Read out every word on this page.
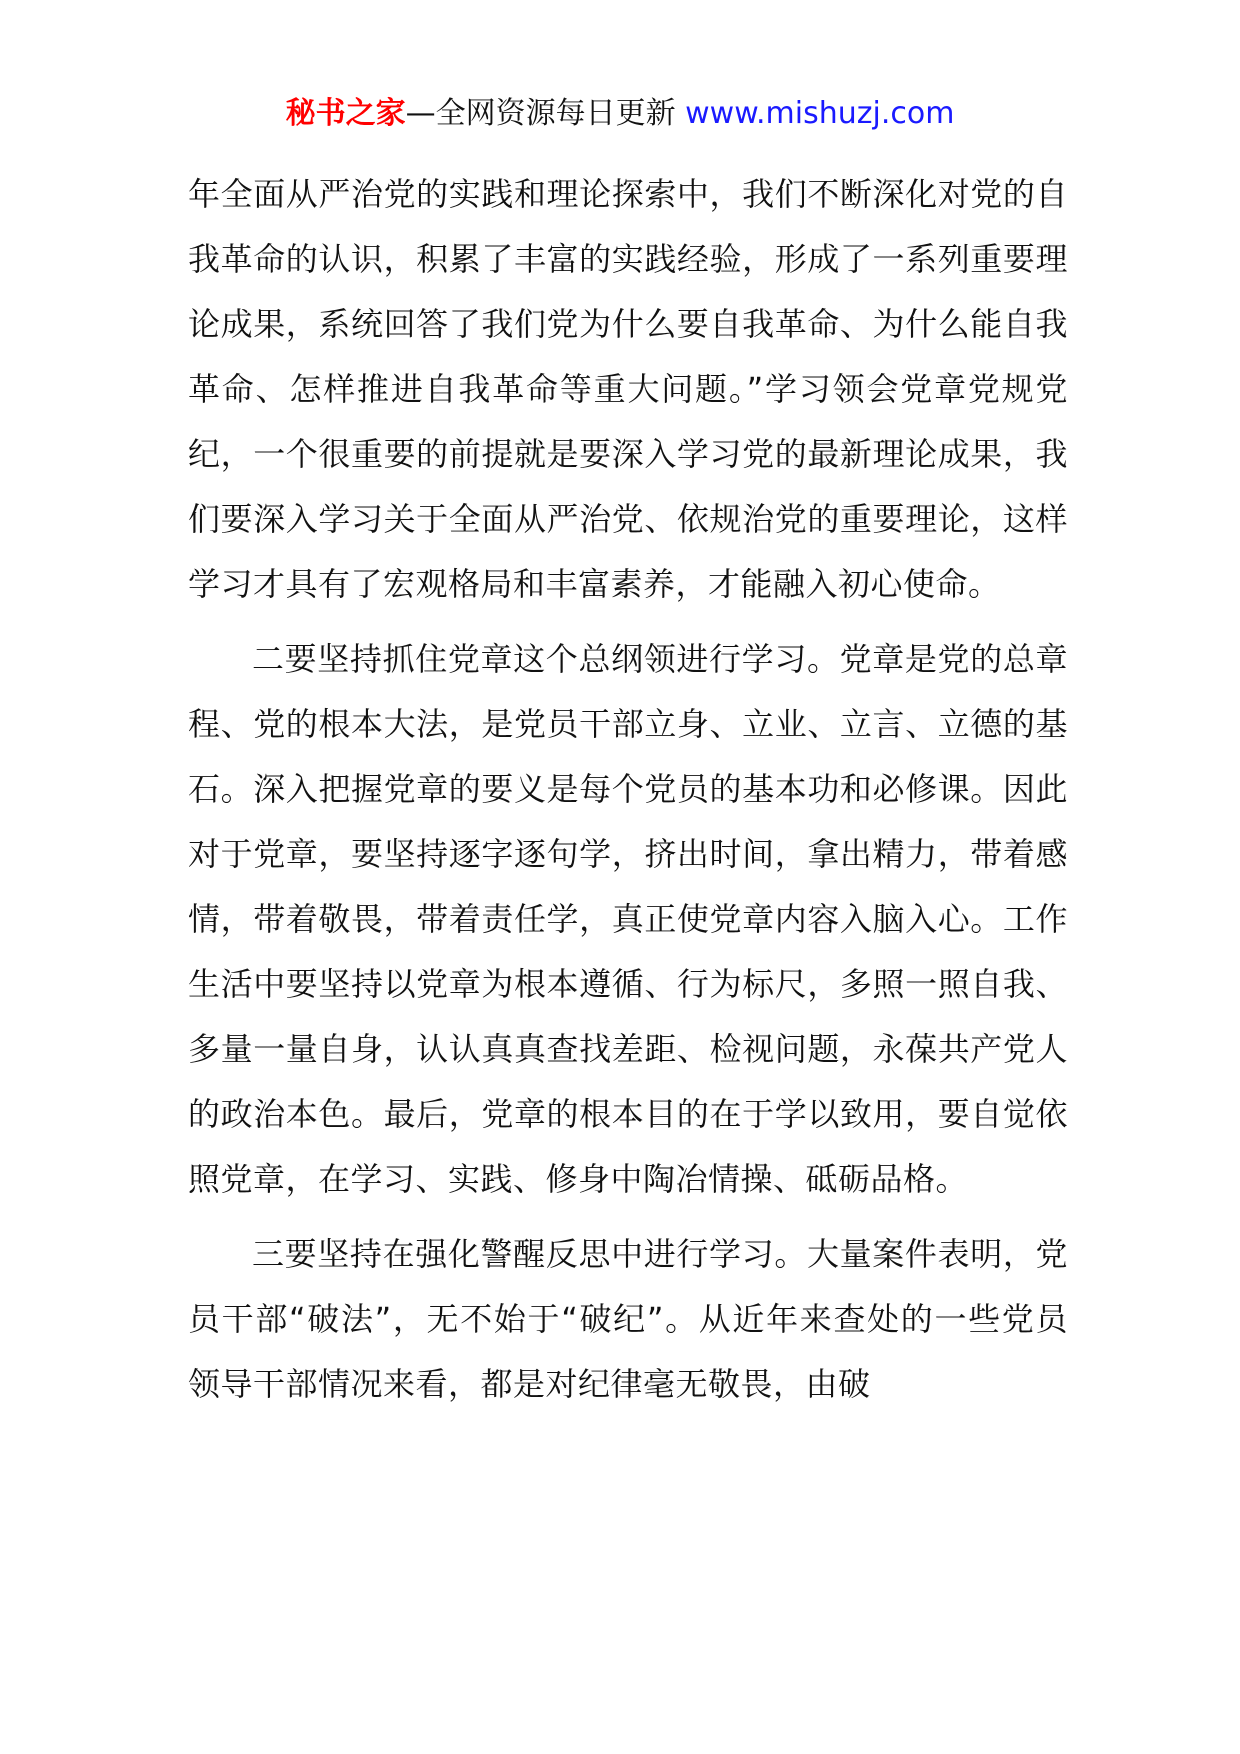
秘书之家—全网资源每日更新 www.mishuzj.com

年全面从严治党的实践和理论探索中，我们不断深化对党的自我革命的认识，积累了丰富的实践经验，形成了一系列重要理论成果，系统回答了我们党为什么要自我革命、为什么能自我革命、怎样推进自我革命等重大问题。”学习领会党章党规党纪，一个很重要的前提就是要深入学习党的最新理论成果，我们要深入学习关于全面从严治党、依规治党的重要理论，这样学习才具有了宏观格局和丰富素养，才能融入初心使命。

二要坚持抓住党章这个总纲领进行学习。党章是党的总章程、党的根本大法，是党员干部立身、立业、立言、立德的基石。深入把握党章的要义是每个党员的基本功和必修课。因此对于党章，要坚持逐字逐句学，挤出时间，拿出精力，带着感情，带着敬畏，带着责任学，真正使党章内容入脑入心。工作生活中要坚持以党章为根本遵循、行为标尺，多照一照自我、多量一量自身，认认真真查找差距、检视问题，永葆共产党人的政治本色。最后，党章的根本目的在于学以致用，要自觉依照党章，在学习、实践、修身中陶冶情操、砥砺品格。

三要坚持在强化警醒反思中进行学习。大量案件表明，党员干部“破法”，无不始于“破纪”。从近年来查处的一些党员领导干部情况来看，都是对纪律毫无敬畏，由破
